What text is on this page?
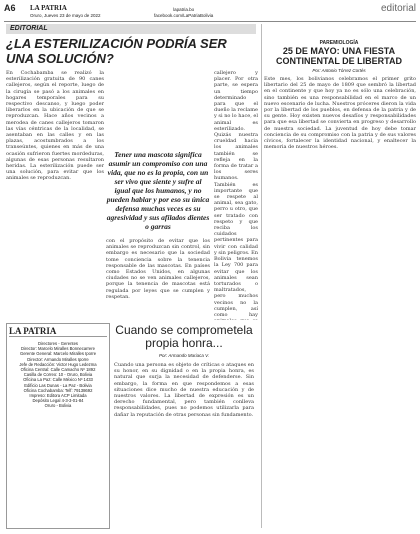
A6 LA PATRIA
Oruro, Jueves 23 de mayo de 2022
lapatria.bo
facebook.com/LaPatriaBolivia
editorial
EDITORIAL
¿LA ESTERILIZACIÓN PODRÍA SER UNA SOLUCIÓN?
En Cochabamba se realizó la esterilización gratuita de 90 canes callejeros, según el reporte, luego de la cirugía se pasó a los animales en hogares temporales para su respectivo descanso, y luego poder liberarlos en la ubicación de que se reproduzcan. Hace años vecinos a merodea de canes callejeros tomaron las vías céntricas de la localidad, se asentaban en las calles y en las plazas, acostumbrados a los transeúntes, quienes en más de una ocasión sufrieron fuertes mordeduras, algunas de esas personas resultaron heridas. La esterilización puede ser una solución, para evitar que los animales se reproduzcan.
con el propósito de evitar que los animales se reproduzcan sin control, sin embargo es necesario que la sociedad tome conciencia sobre la tenencia responsable de las mascotas. En países como Estados Unidos, en algunas ciudades no se ven animales callejeros, porque la tenencia de mascotas está regulada por leyes que se cumplen y respetan.
callejero y placer. Por otra parte, se espera un tiempo determinado para que el dueño la reclame y si no lo hace, el animal es esterilizado. Quizás nuestra crueldad hacia los animales también se refleja en la forma de tratar a los seres humanos. También es importante que se respete al animal, sea gato, perro u otro, que ser tratado con respeto y que reciba los cuidados pertinentes para vivir con calidad y sin peligros. En Bolivia tenemos la Ley 700 para evitar que los animales sean torturados o maltratados, pero muchos vecinos no la cumplen, así como hay
Tener una mascota significa asumir un compromiso con una vida, que no es la propia, con un ser vivo que siente y sufre al igual que los humanos, y no pueden hablar y por eso su única defensa muchas veces es su agresividad y sus afilados dientes o garras
PAREMIOLOGÍA
25 DE MAYO: UNA FIESTA CONTINENTAL DE LIBERTAD
Por: Antonio Tórrez Cortés
Este mes, los bolivianos celebramos el primer grito libertario del 25 de mayo de 1809 que sembró la libertad en el continente y que hoy ya no es sólo una celebración, sino también es una responsabilidad en el marco de un nuevo escenario de lucha. Nuestros próceres dieron la vida por la libertad de los pueblos, en defensa de la patria y de su gente. Hoy existen nuevos desafíos y responsabilidades para que esa libertad se convierta en progreso y desarrollo de nuestra sociedad. La juventud de hoy debe tomar conciencia de su compromiso con la patria y de sus valores cívicos, fortalecer la identidad nacional, y enaltecer la memoria de nuestros héroes.
LA PATRIA
Directores - Gerentes
Director: Marcelo Miralles Bonnecarrere
Gerente General: Marcelo Miralles Iporre
Director: Armando Miralles Iporre
Jefe de Redacción: Victor Hugo Ledezma
Oficina Central: Calle Camacho Nº 1892
Casilla de Correo: 10 - Oruro, Bolivia
Oficina La Paz: Calle México Nº 1433
Edificio Las Dunas - La Paz - Bolivia
Oficina Cochabamba: Telf: 79138692
Impreso: Editora ACP Limitada
Depósito Legal 4-3-3-01-84
Oruro - Bolivia
Cuando se comprometela propia honra...
Por: Armando Mariaca V.
Cuando una persona es objeto de críticas o ataques en su honor, en su dignidad o en la propia honra, es natural que surja la necesidad de defenderse. Sin embargo, la forma en que respondemos a esas situaciones dice mucho de nuestra educación y de nuestros valores. La libertad de expresión es un derecho fundamental, pero también conlleva responsabilidades, pues no podemos utilizarla para dañar la reputación de otras personas sin fundamento.
